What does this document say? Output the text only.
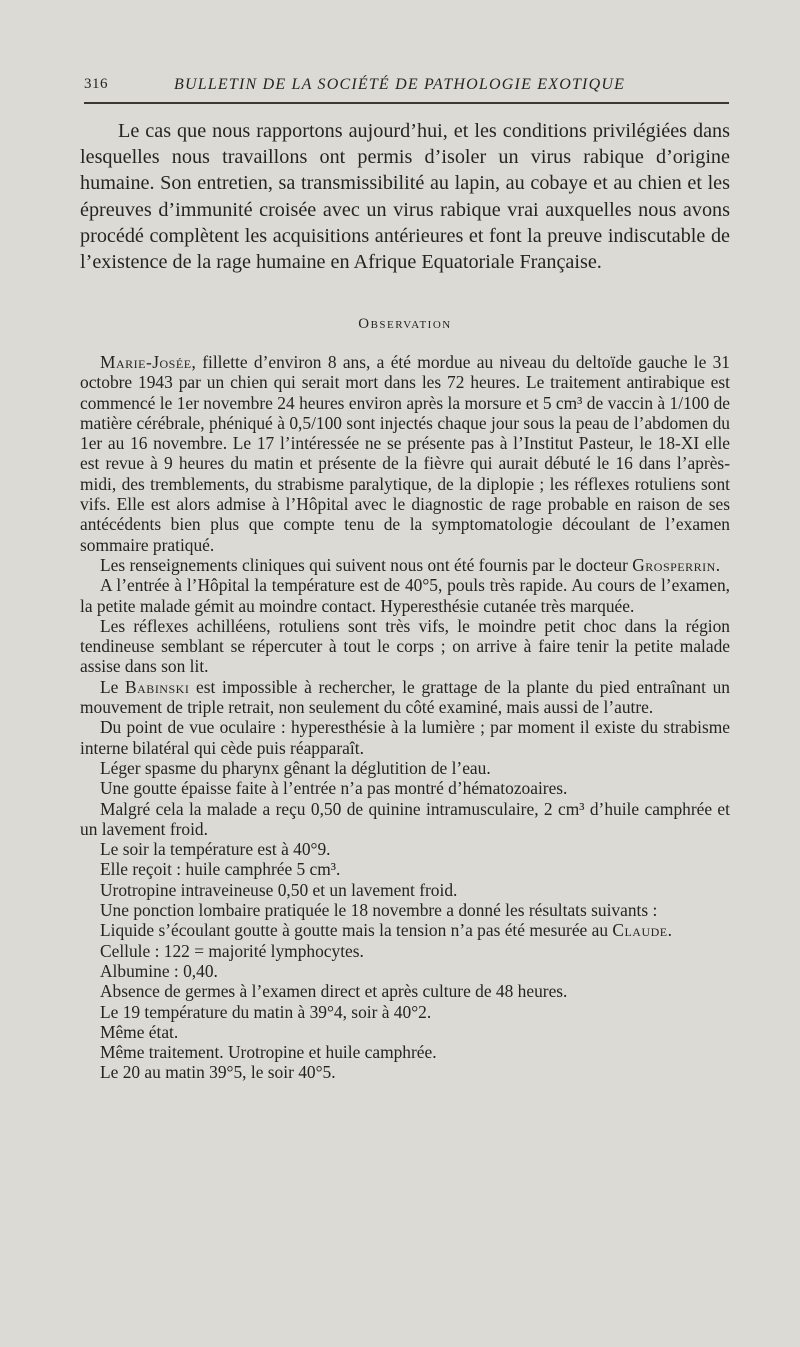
316	BULLETIN DE LA SOCIÉTÉ DE PATHOLOGIE EXOTIQUE

Le cas que nous rapportons aujourd’hui, et les conditions privilégiées dans lesquelles nous travaillons ont permis d’isoler un virus rabique d’origine humaine. Son entretien, sa transmissibilité au lapin, au cobaye et au chien et les épreuves d’immunité croisée avec un virus rabique vrai auxquelles nous avons procédé complètent les acquisitions antérieures et font la preuve indiscutable de l’existence de la rage humaine en Afrique Equatoriale Française.

Observation

Marie-Josée, fillette d’environ 8 ans, a été mordue au niveau du deltoïde gauche le 31 octobre 1943 par un chien qui serait mort dans les 72 heures. Le traitement antirabique est commencé le 1er novembre 24 heures environ après la morsure et 5 cm³ de vaccin à 1/100 de matière cérébrale, phéniqué à 0,5/100 sont injectés chaque jour sous la peau de l’abdomen du 1er au 16 novembre. Le 17 l’intéressée ne se présente pas à l’Institut Pasteur, le 18-XI elle est revue à 9 heures du matin et présente de la fièvre qui aurait débuté le 16 dans l’après-midi, des tremblements, du strabisme paralytique, de la diplopie ; les réflexes rotuliens sont vifs. Elle est alors admise à l’Hôpital avec le diagnostic de rage probable en raison de ses antécédents bien plus que compte tenu de la symptomatologie découlant de l’examen sommaire pratiqué.

Les renseignements cliniques qui suivent nous ont été fournis par le docteur Grosperrin.

A l’entrée à l’Hôpital la température est de 40°5, pouls très rapide. Au cours de l’examen, la petite malade gémit au moindre contact. Hyperesthésie cutanée très marquée.

Les réflexes achilléens, rotuliens sont très vifs, le moindre petit choc dans la région tendineuse semblant se répercuter à tout le corps ; on arrive à faire tenir la petite malade assise dans son lit.

Le Babinski est impossible à rechercher, le grattage de la plante du pied entraînant un mouvement de triple retrait, non seulement du côté examiné, mais aussi de l’autre.

Du point de vue oculaire : hyperesthésie à la lumière ; par moment il existe du strabisme interne bilatéral qui cède puis réapparaît.

Léger spasme du pharynx gênant la déglutition de l’eau.

Une goutte épaisse faite à l’entrée n’a pas montré d’hématozoaires.

Malgré cela la malade a reçu 0,50 de quinine intramusculaire, 2 cm³ d’huile camphrée et un lavement froid.

Le soir la température est à 40°9.

Elle reçoit : huile camphrée 5 cm³.

Urotropine intraveineuse 0,50 et un lavement froid.

Une ponction lombaire pratiquée le 18 novembre a donné les résultats suivants :

Liquide s’écoulant goutte à goutte mais la tension n’a pas été mesurée au Claude.

Cellule : 122 = majorité lymphocytes.

Albumine : 0,40.

Absence de germes à l’examen direct et après culture de 48 heures.

Le 19 température du matin à 39°4, soir à 40°2.

Même état.

Même traitement. Urotropine et huile camphrée.

Le 20 au matin 39°5, le soir 40°5.
